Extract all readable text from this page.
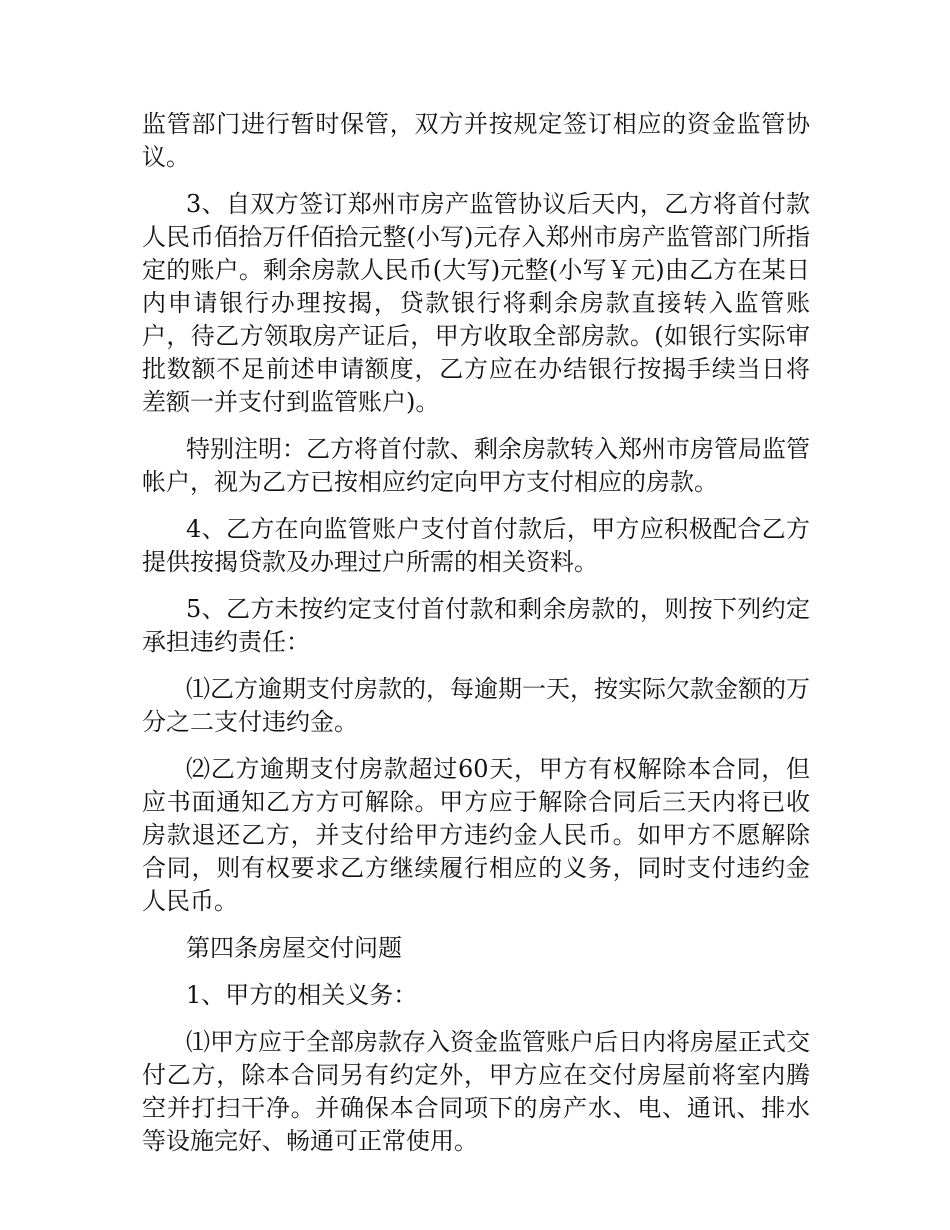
监管部门进行暂时保管，双方并按规定签订相应的资金监管协议。

3、自双方签订郑州市房产监管协议后天内，乙方将首付款人民币佰拾万仟佰拾元整(小写)元存入郑州市房产监管部门所指定的账户。剩余房款人民币(大写)元整(小写￥元)由乙方在某日内申请银行办理按揭，贷款银行将剩余房款直接转入监管账户，待乙方领取房产证后，甲方收取全部房款。(如银行实际审批数额不足前述申请额度，乙方应在办结银行按揭手续当日将差额一并支付到监管账户)。

特别注明：乙方将首付款、剩余房款转入郑州市房管局监管帐户，视为乙方已按相应约定向甲方支付相应的房款。

4、乙方在向监管账户支付首付款后，甲方应积极配合乙方提供按揭贷款及办理过户所需的相关资料。

5、乙方未按约定支付首付款和剩余房款的，则按下列约定承担违约责任：

⑴乙方逾期支付房款的，每逾期一天，按实际欠款金额的万分之二支付违约金。

⑵乙方逾期支付房款超过60天，甲方有权解除本合同，但应书面通知乙方方可解除。甲方应于解除合同后三天内将已收房款退还乙方，并支付给甲方违约金人民币。如甲方不愿解除合同，则有权要求乙方继续履行相应的义务，同时支付违约金人民币。

第四条房屋交付问题

1、甲方的相关义务：

⑴甲方应于全部房款存入资金监管账户后日内将房屋正式交付乙方，除本合同另有约定外，甲方应在交付房屋前将室内腾空并打扫干净。并确保本合同项下的房产水、电、通讯、排水等设施完好、畅通可正常使用。
